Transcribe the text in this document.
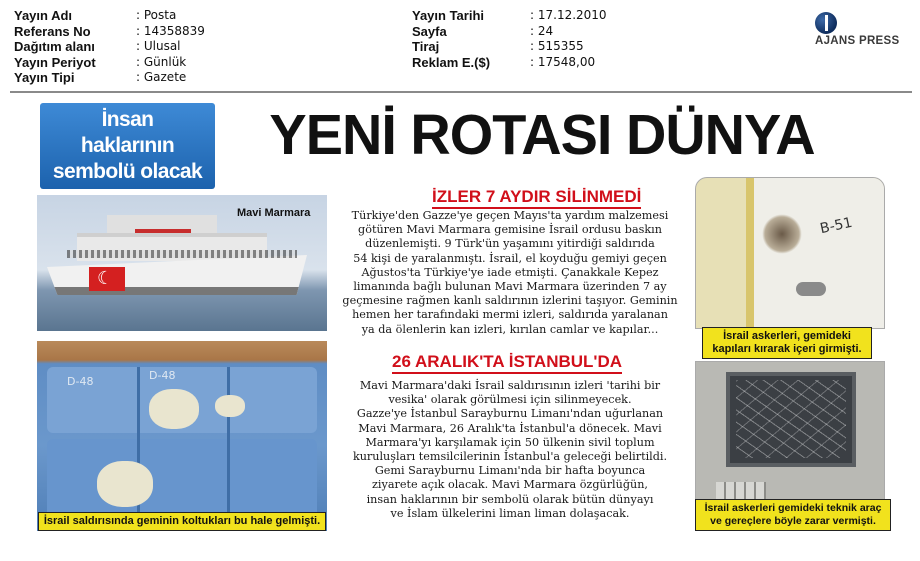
Yayın Adı	: Posta
Referans No	: 14358839
Dağıtım alanı	: Ulusal
Yayın Periyot	: Günlük
Yayın Tipi	: Gazete
Yayın Tarihi	: 17.12.2010
Sayfa	: 24
Tiraj	: 515355
Reklam E.($)	: 17548,00
AJANS PRESS
İnsan
haklarının
sembolü olacak
YENİ ROTASI DÜNYA
☾
Mavi Marmara
D-48
D-48
İsrail saldırısında geminin koltukları bu hale gelmişti.
İZLER 7 AYDIR SİLİNMEDİ
Türkiye'den Gazze'ye geçen Mayıs'ta yardım malzemesi
götüren Mavi Marmara gemisine İsrail ordusu baskın
düzenlemişti. 9 Türk'ün yaşamını yitirdiği saldırıda
54 kişi de yaralanmıştı. İsrail, el koyduğu gemiyi geçen
Ağustos'ta Türkiye'ye iade etmişti. Çanakkale Kepez
limanında bağlı bulunan Mavi Marmara üzerinden 7 ay
geçmesine rağmen kanlı saldırının izlerini taşıyor. Geminin
hemen her tarafındaki mermi izleri, saldırıda yaralanan
ya da ölenlerin kan izleri, kırılan camlar ve kapılar...
26 ARALIK'TA İSTANBUL'DA
Mavi Marmara'daki İsrail saldırısının izleri 'tarihi bir
vesika' olarak görülmesi için silinmeyecek.
Gazze'ye İstanbul Sarayburnu Limanı'ndan uğurlanan
Mavi Marmara, 26 Aralık'ta İstanbul'a dönecek. Mavi
Marmara'yı karşılamak için 50 ülkenin sivil toplum
kuruluşları temsilcilerinin İstanbul'a geleceği belirtildi.
Gemi Sarayburnu Limanı'nda bir hafta boyunca
ziyarete açık olacak. Mavi Marmara özgürlüğün,
insan haklarının bir sembolü olarak bütün dünyayı
ve İslam ülkelerini liman liman dolaşacak.
B-51
İsrail askerleri, gemideki
kapıları kırarak içeri girmişti.
İsrail askerleri gemideki teknik araç
ve gereçlere böyle zarar vermişti.
